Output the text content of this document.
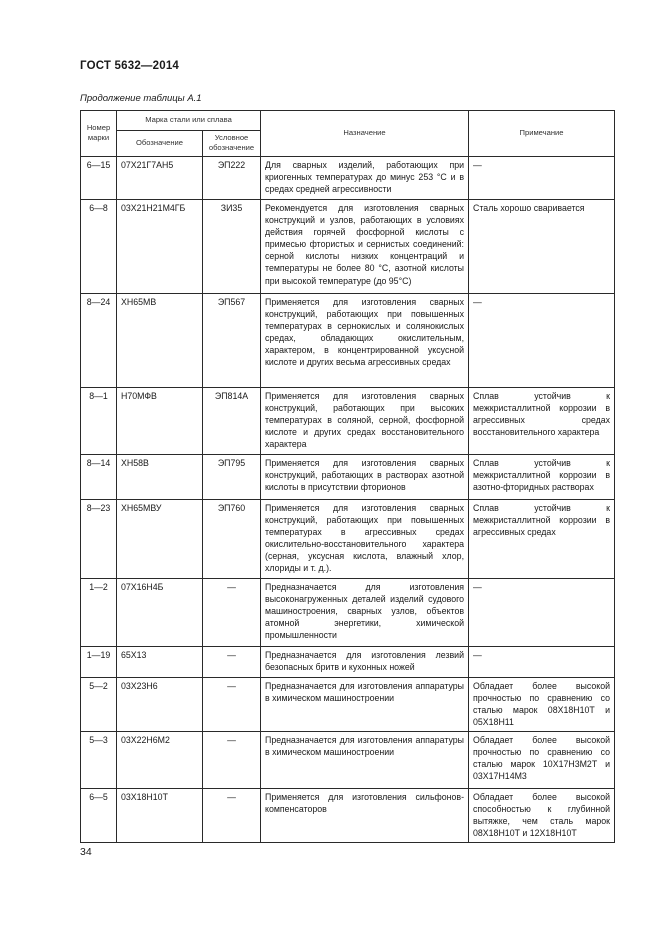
ГОСТ 5632—2014
Продолжение таблицы А.1
Номер марки	Марка стали или сплава		Назначение	Примечание
	Обозначение	Условное обозначение		
6—15	07Х21Г7АН5	ЭП222	Для сварных изделий, работающих при криогенных температурах до минус 253 °С и в средах средней агрессивности	—
6—8	03Х21Н21М4ГБ	ЗИ35	Рекомендуется для изготовления сварных конструкций и узлов, работающих в условиях действия горячей фосфорной кислоты с примесью фтористых и сернистых соединений: серной кислоты низких концентраций и температуры не более 80 °С, азотной кислоты при высокой температуре (до 95°С)	Сталь хорошо сваривается
8—24	ХН65МВ	ЭП567	Применяется для изготовления сварных конструкций, работающих при повышенных температурах в сернокислых и солянокислых средах, обладающих окислительным, характером, в концентрированной уксусной кислоте и других весьма агрессивных средах	—
8—1	Н70МФВ	ЭП814А	Применяется для изготовления сварных конструкций, работающих при высоких температурах в соляной, серной, фосфорной кислоте и других средах восстановительного характера	Сплав устойчив к межкристаллитной коррозии в агрессивных средах восстановительного характера
8—14	ХН58В	ЭП795	Применяется для изготовления сварных конструкций, работающих в растворах азотной кислоты в присутствии фторионов	Сплав устойчив к межкристаллитной коррозии в азотно-фторидных растворах
8—23	ХН65МВУ	ЭП760	Применяется для изготовления сварных конструкций, работающих при повышенных температурах в агрессивных средах окислительно-восстановительного характера (серная, уксусная кислота, влажный хлор, хлориды и т. д.).	Сплав устойчив к межкристаллитной коррозии в агрессивных средах
1—2	07Х16Н4Б	—	Предназначается для изготовления высоконагруженных деталей изделий судового машиностроения, сварных узлов, объектов атомной энергетики, химической промышленности	—
1—19	65Х13	—	Предназначается для изготовления лезвий безопасных бритв и кухонных ножей	—
5—2	03Х23Н6	—	Предназначается для изготовления аппаратуры в химическом машиностроении	Обладает более высокой прочностью по сравнению со сталью марок 08Х18Н10Т и 05Х18Н11
5—3	03Х22Н6М2	—	Предназначается для изготовления аппаратуры в химическом машиностроении	Обладает более высокой прочностью по сравнению со сталью марок 10Х17Н3М2Т и 03Х17Н14М3
6—5	03Х18Н10Т	—	Применяется для изготовления сильфонов-компенсаторов	Обладает более высокой способностью к глубинной вытяжке, чем сталь марок 08Х18Н10Т и 12Х18Н10Т
34
